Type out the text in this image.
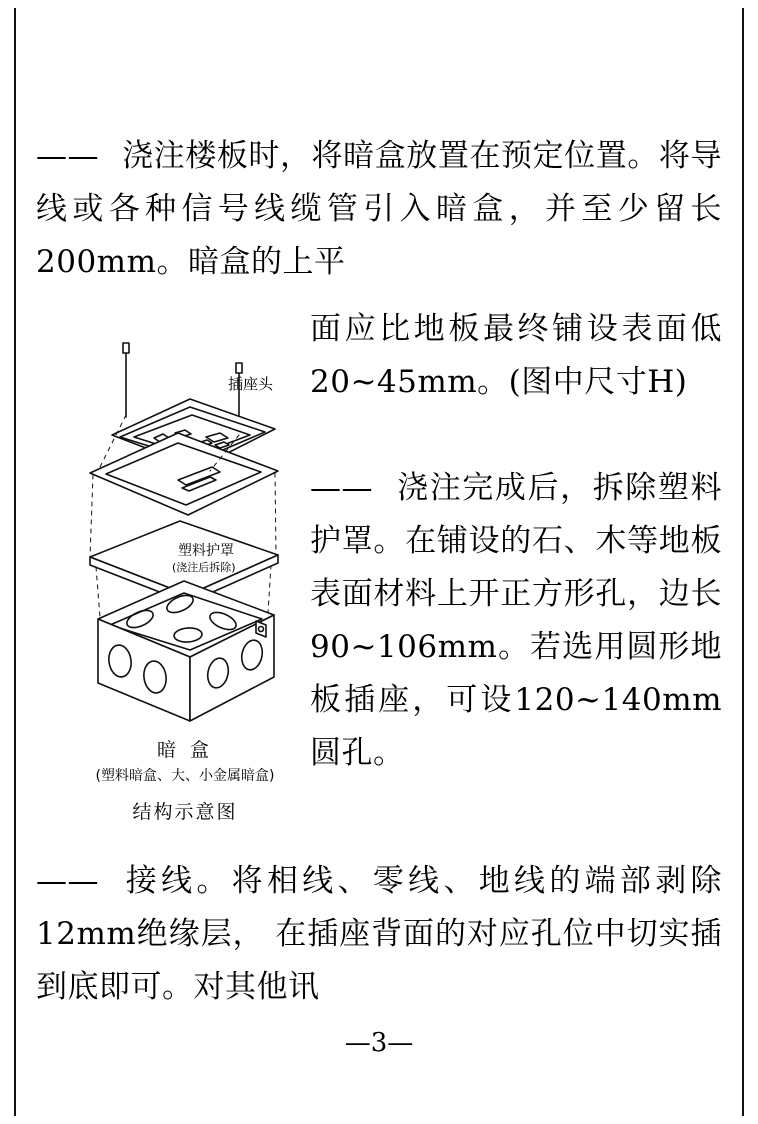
—— 浇注楼板时，将暗盒放置在预定位置。将导线或各种信号线缆管引入暗盒，并至少留长200mm。暗盒的上平

面应比地板最终铺设表面低20~45mm。(图中尺寸H)

—— 浇注完成后，拆除塑料护罩。在铺设的石、木等地板表面材料上开正方形孔，边长90~106mm。若选用圆形地板插座，可设120~140mm圆孔。

—— 接线。将相线、零线、地线的端部剥除12mm绝缘层， 在插座背面的对应孔位中切实插到底即可。对其他讯

插座头
塑料护罩
(浇注后拆除)
暗 盒
(塑料暗盒、大、小金属暗盒)
结构示意图
—3—
